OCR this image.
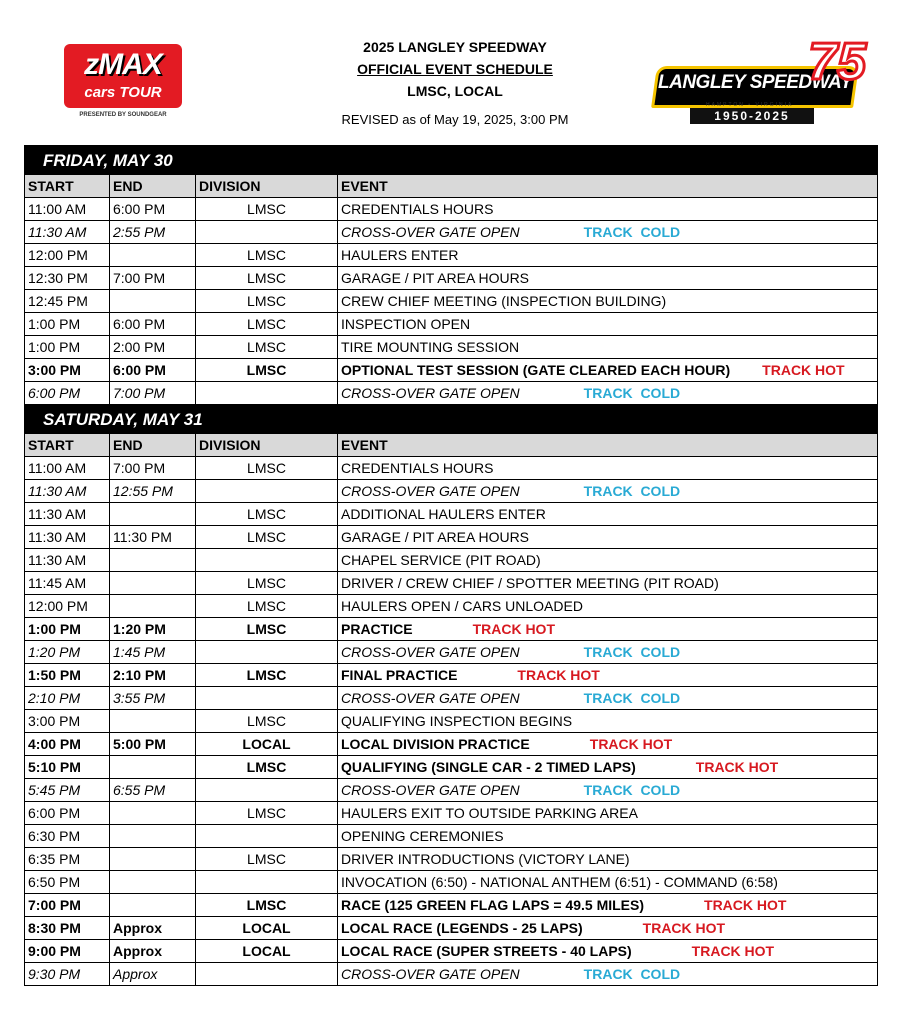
zMAX
cars TOUR
PRESENTED BY SOUNDGEAR
2025 LANGLEY SPEEDWAY
OFFICIAL EVENT SCHEDULE
LMSC, LOCAL
REVISED as of May 19, 2025, 3:00 PM
LANGLEY SPEEDWAY
75
HAMPTON • VIRGINIA
1950-2025
FRIDAY, MAY 30			
START	END	DIVISION	EVENT
11:00 AM	6:00 PM	LMSC	CREDENTIALS HOURS
11:30 AM	2:55 PM		CROSS-OVER GATE OPEN TRACK  COLD
12:00 PM		LMSC	HAULERS ENTER
12:30 PM	7:00 PM	LMSC	GARAGE / PIT AREA HOURS
12:45 PM		LMSC	CREW CHIEF MEETING (INSPECTION BUILDING)
1:00 PM	6:00 PM	LMSC	INSPECTION OPEN
1:00 PM	2:00 PM	LMSC	TIRE MOUNTING SESSION
3:00 PM	6:00 PM	LMSC	OPTIONAL TEST SESSION (GATE CLEARED EACH HOUR) TRACK HOT
6:00 PM	7:00 PM		CROSS-OVER GATE OPEN TRACK  COLD
SATURDAY, MAY 31			
START	END	DIVISION	EVENT
11:00 AM	7:00 PM	LMSC	CREDENTIALS HOURS
11:30 AM	12:55 PM		CROSS-OVER GATE OPEN TRACK  COLD
11:30 AM		LMSC	ADDITIONAL HAULERS ENTER
11:30 AM	11:30 PM	LMSC	GARAGE / PIT AREA HOURS
11:30 AM			CHAPEL SERVICE (PIT ROAD)
11:45 AM		LMSC	DRIVER / CREW CHIEF / SPOTTER MEETING (PIT ROAD)
12:00 PM		LMSC	HAULERS OPEN / CARS UNLOADED
1:00 PM	1:20 PM	LMSC	PRACTICE TRACK HOT
1:20 PM	1:45 PM		CROSS-OVER GATE OPEN TRACK  COLD
1:50 PM	2:10 PM	LMSC	FINAL PRACTICE TRACK HOT
2:10 PM	3:55 PM		CROSS-OVER GATE OPEN TRACK  COLD
3:00 PM		LMSC	QUALIFYING INSPECTION BEGINS
4:00 PM	5:00 PM	LOCAL	LOCAL DIVISION PRACTICE TRACK HOT
5:10 PM		LMSC	QUALIFYING (SINGLE CAR - 2 TIMED LAPS) TRACK HOT
5:45 PM	6:55 PM		CROSS-OVER GATE OPEN TRACK  COLD
6:00 PM		LMSC	HAULERS EXIT TO OUTSIDE PARKING AREA
6:30 PM			OPENING CEREMONIES
6:35 PM		LMSC	DRIVER INTRODUCTIONS (VICTORY LANE)
6:50 PM			INVOCATION (6:50) - NATIONAL ANTHEM (6:51) - COMMAND (6:58)
7:00 PM		LMSC	RACE (125 GREEN FLAG LAPS = 49.5 MILES) TRACK HOT
8:30 PM	Approx	LOCAL	LOCAL RACE (LEGENDS - 25 LAPS) TRACK HOT
9:00 PM	Approx	LOCAL	LOCAL RACE (SUPER STREETS - 40 LAPS) TRACK HOT
9:30 PM	Approx		CROSS-OVER GATE OPEN TRACK  COLD
